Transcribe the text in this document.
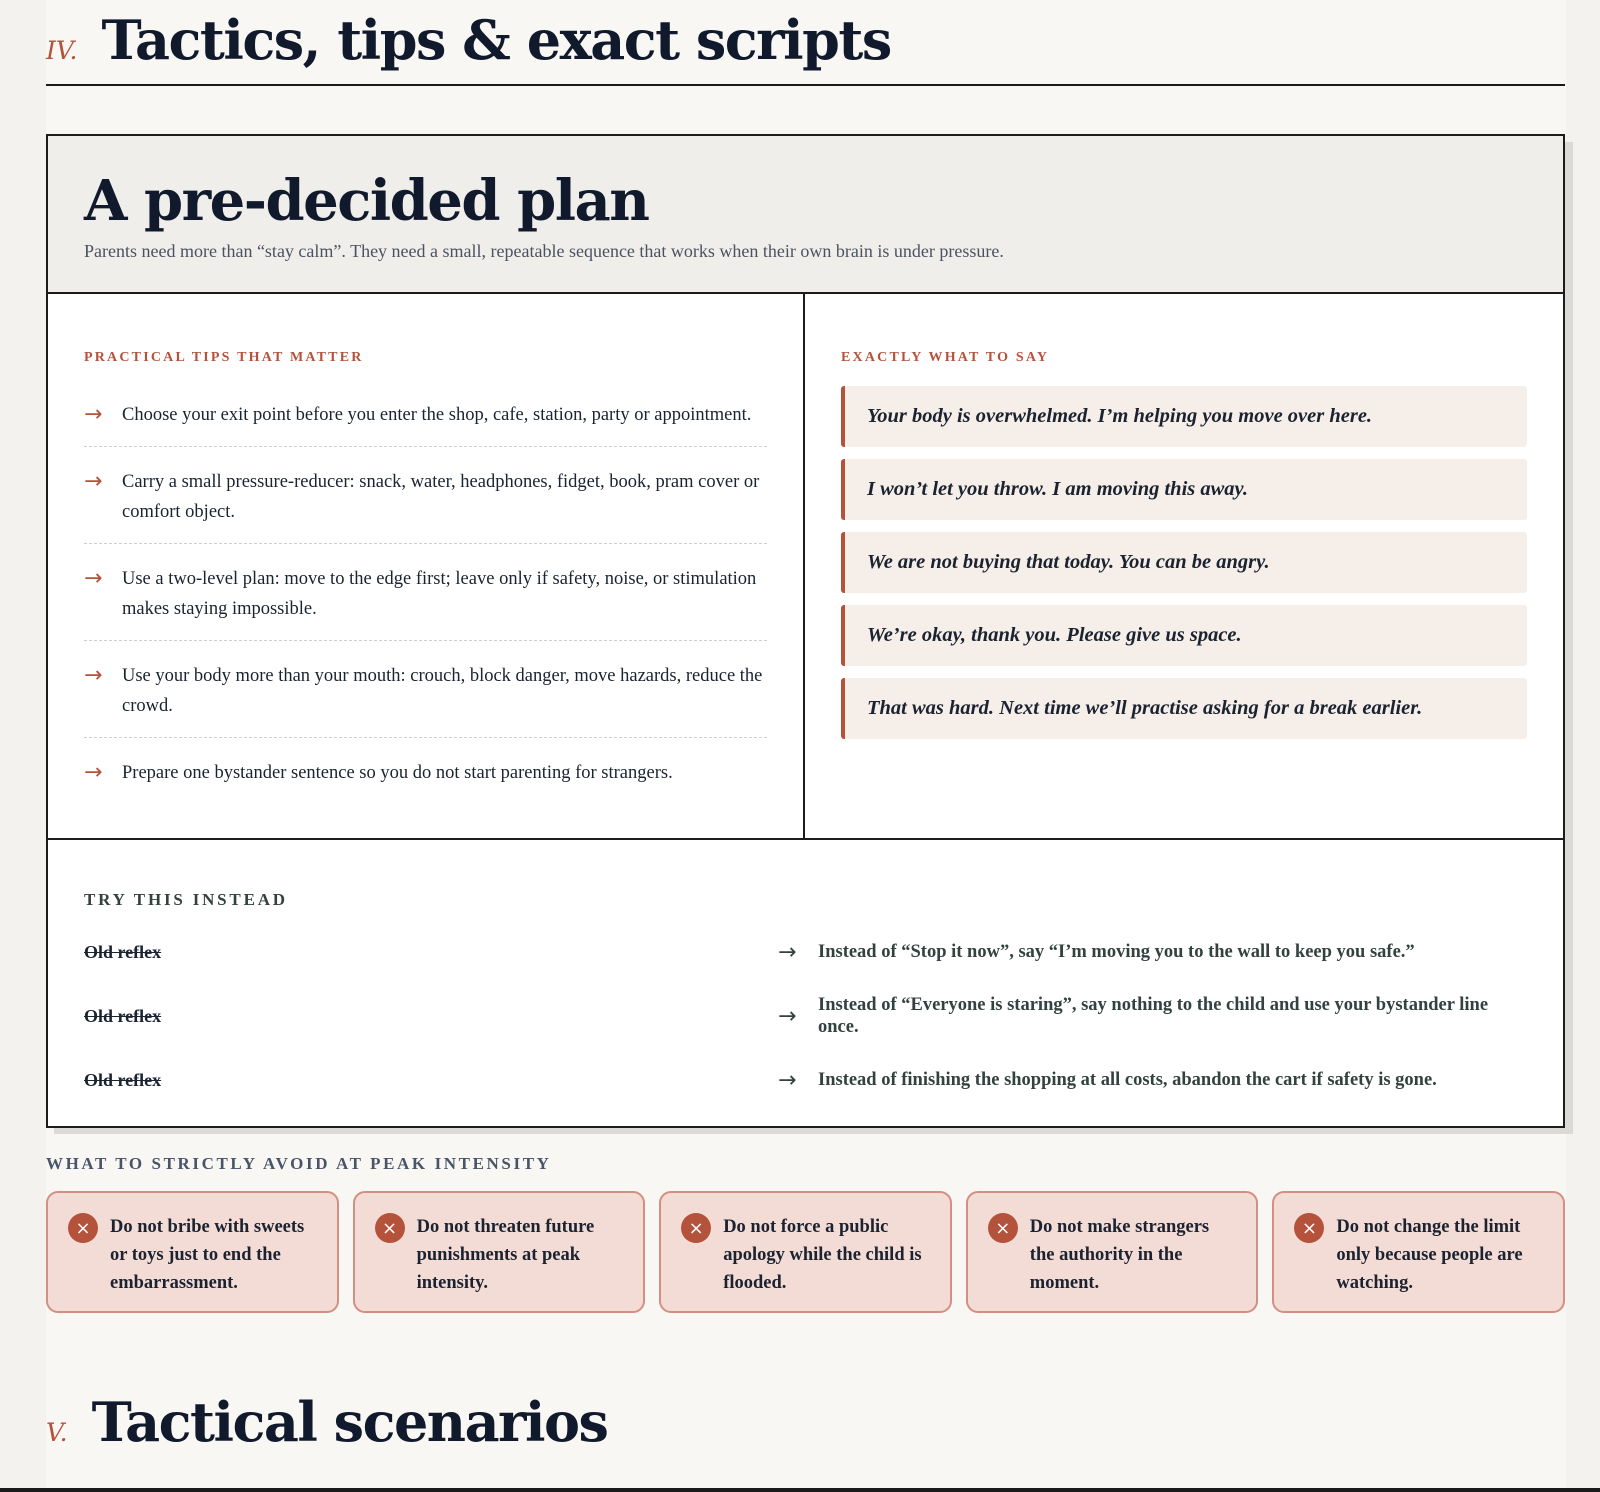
IV. Tactics, tips & exact scripts
A pre-decided plan

Parents need more than “stay calm”. They need a small, repeatable sequence that works when their own brain is under pressure.

PRACTICAL TIPS THAT MATTER
→ Choose your exit point before you enter the shop, cafe, station, party or appointment.
→ Carry a small pressure-reducer: snack, water, headphones, fidget, book, pram cover or comfort object.
→ Use a two-level plan: move to the edge first; leave only if safety, noise, or stimulation makes staying impossible.
→ Use your body more than your mouth: crouch, block danger, move hazards, reduce the crowd.
→ Prepare one bystander sentence so you do not start parenting for strangers.
EXACTLY WHAT TO SAY
Your body is overwhelmed. I’m helping you move over here.
I won’t let you throw. I am moving this away.
We are not buying that today. You can be angry.
We’re okay, thank you. Please give us space.
That was hard. Next time we’ll practise asking for a break earlier.
TRY THIS INSTEAD
Old reflex	→	Instead of “Stop it now”, say “I’m moving you to the wall to keep you safe.”
Old reflex	→	Instead of “Everyone is staring”, say nothing to the child and use your bystander line once.
Old reflex	→	Instead of finishing the shopping at all costs, abandon the cart if safety is gone.
WHAT TO STRICTLY AVOID AT PEAK INTENSITY
×	Do not bribe with sweets or toys just to end the embarrassment.
×	Do not threaten future punishments at peak intensity.
×	Do not force a public apology while the child is flooded.
×	Do not make strangers the authority in the moment.
×	Do not change the limit only because people are watching.
V. Tactical scenarios
